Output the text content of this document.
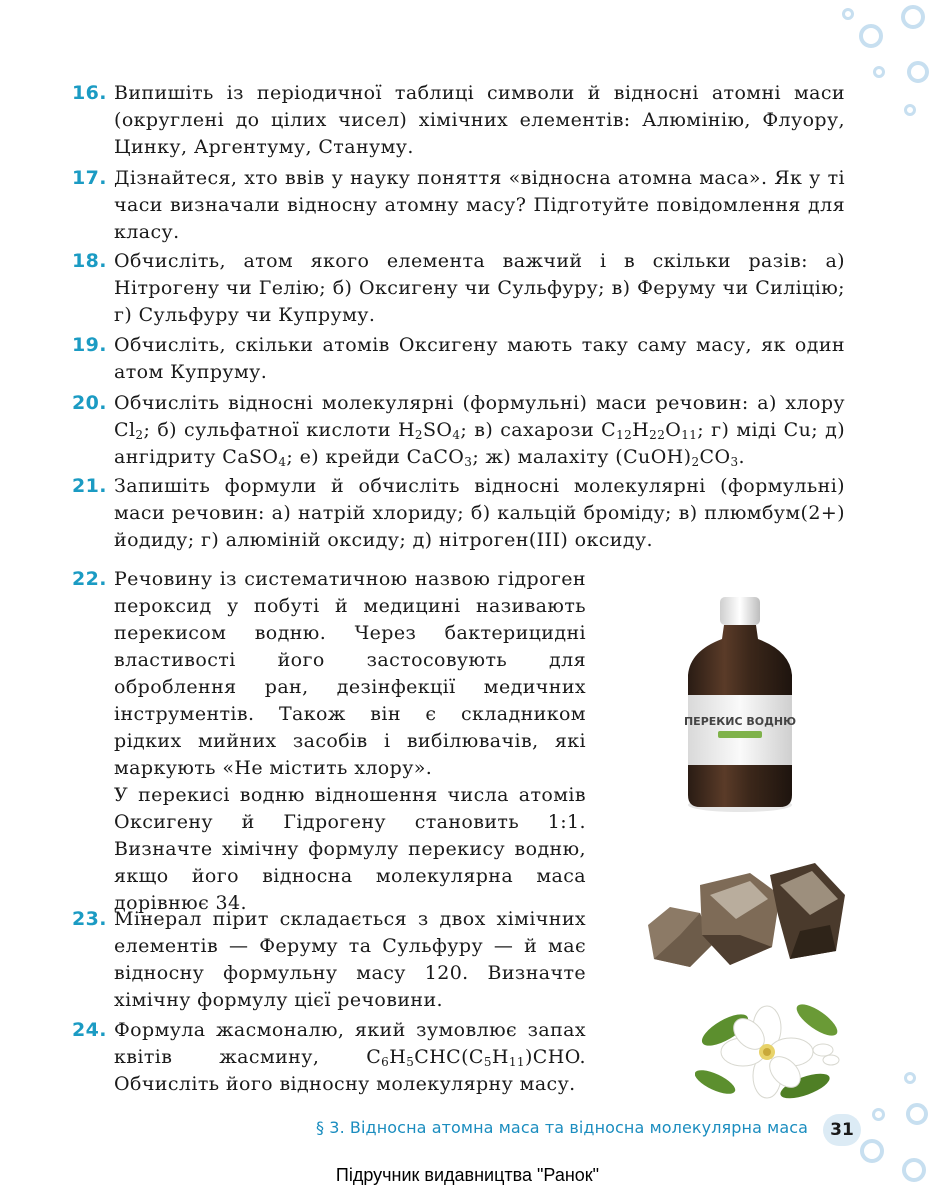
16. Випишіть із періодичної таблиці символи й відносні атомні маси (округлені до цілих чисел) хімічних елементів: Алюмінію, Флуору, Цинку, Аргентуму, Стануму.
17. Дізнайтеся, хто ввів у науку поняття «відносна атомна маса». Як у ті часи визначали відносну атомну масу? Підготуйте повідомлення для класу.
18. Обчисліть, атом якого елемента важчий і в скільки разів: а) Нітрогену чи Гелію; б) Оксигену чи Сульфуру; в) Феруму чи Силіцію; г) Сульфуру чи Купруму.
19. Обчисліть, скільки атомів Оксигену мають таку саму масу, як один атом Купруму.
20. Обчисліть відносні молекулярні (формульні) маси речовин: а) хлору $Cl_2$; б) сульфатної кислоти $H_2SO_4$; в) сахарози $C_{12}H_{22}O_{11}$; г) міді Cu; д) ангідриту CaSO$_4$; е) крейди CaCO$_3$; ж) малахіту $(CuOH)_2CO_3$.
21. Запишіть формули й обчисліть відносні молекулярні (формульні) маси речовин: а) натрій хлориду; б) кальцій броміду; в) плюмбум(2+) йодиду; г) алюміній оксиду; д) нітроген(III) оксиду.
22. Речовину із систематичною назвою гідроген пероксид у побуті й медицині називають перекисом водню. Через бактерицидні властивості його застосовують для оброблення ран, дезінфекції медичних інструментів. Також він є складником рідких мийних засобів і вибілювачів, які маркують «Не містить хлору».
У перекисі водню відношення числа атомів Оксигену й Гідрогену становить 1:1. Визначте хімічну формулу перекису водню, якщо його відносна молекулярна маса дорівнює 34.
23. Мінерал пірит складається з двох хімічних елементів — Феруму та Сульфуру — й має відносну формульну масу 120. Визначте хімічну формулу цієї речовини.
24. Формула жасмоналю, який зумовлює запах квітів жасмину, $C_6H_5CHC(C_5H_{11})CHO$. Обчисліть його відносну молекулярну масу.
ПЕРЕКИС ВОДНЮ
§ 3. Відносна атомна маса та відносна молекулярна маса	31
Підручник видавництва "Ранок"
